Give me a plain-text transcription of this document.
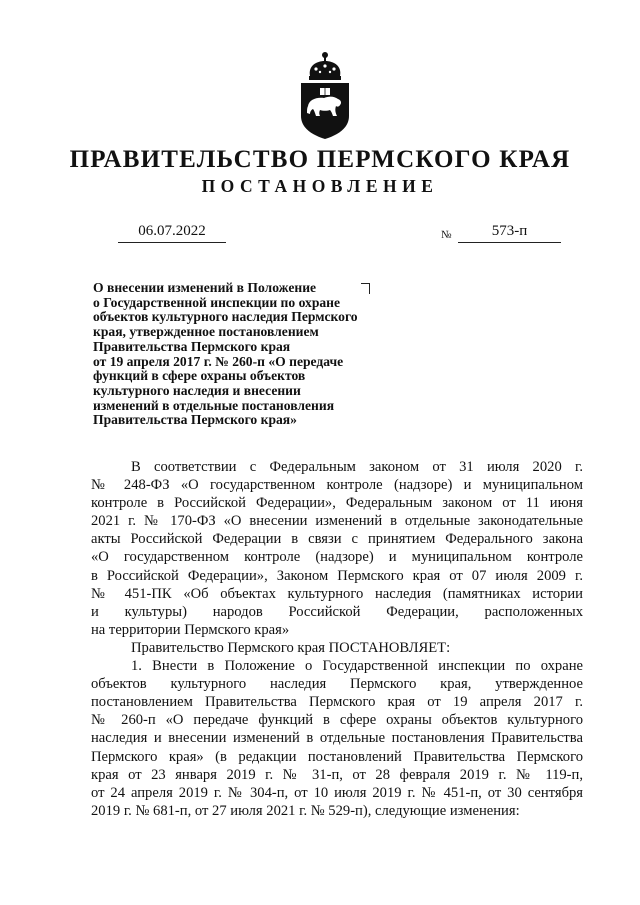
ПРАВИТЕЛЬСТВО ПЕРМСКОГО КРАЯ
ПОСТАНОВЛЕНИЕ
06.07.2022	№	573-п
О внесении изменений в Положение
о Государственной инспекции по охране
объектов культурного наследия Пермского
края, утвержденное постановлением
Правительства Пермского края
от 19 апреля 2017 г. № 260-п «О передаче
функций в сфере охраны объектов
культурного наследия и внесении
изменений в отдельные постановления
Правительства Пермского края»

В соответствии с Федеральным законом от 31 июля 2020 г.
№ 248-ФЗ «О государственном контроле (надзоре) и муниципальном
контроле в Российской Федерации», Федеральным законом от 11 июня
2021 г. № 170-ФЗ «О внесении изменений в отдельные законодательные
акты Российской Федерации в связи с принятием Федерального закона
«О государственном контроле (надзоре) и муниципальном контроле
в Российской Федерации», Законом Пермского края от 07 июля 2009 г.
№ 451-ПК «Об объектах культурного наследия (памятниках истории
и культуры) народов Российской Федерации, расположенных
на территории Пермского края»

Правительство Пермского края ПОСТАНОВЛЯЕТ:

1. Внести в Положение о Государственной инспекции по охране
объектов культурного наследия Пермского края, утвержденное
постановлением Правительства Пермского края от 19 апреля 2017 г.
№ 260-п «О передаче функций в сфере охраны объектов культурного
наследия и внесении изменений в отдельные постановления Правительства
Пермского края» (в редакции постановлений Правительства Пермского
края от 23 января 2019 г. № 31-п, от 28 февраля 2019 г. № 119-п,
от 24 апреля 2019 г. № 304-п, от 10 июля 2019 г. № 451-п, от 30 сентября
2019 г. № 681-п, от 27 июля 2021 г. № 529-п), следующие изменения:
